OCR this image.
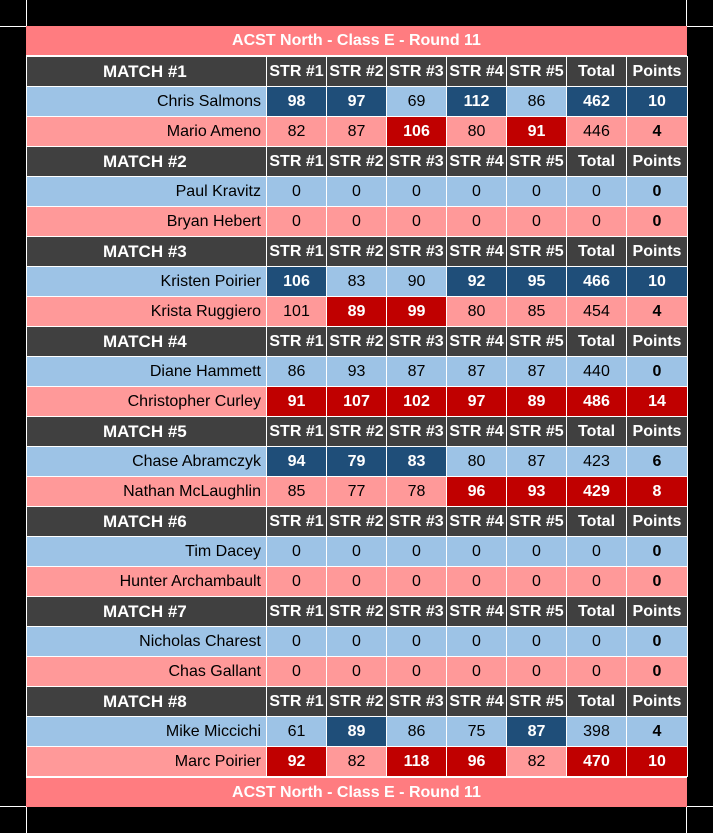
ACST North - Class E - Round 11
MATCH #1	STR #1	STR #2	STR #3	STR #4	STR #5	Total	Points
Chris Salmons	98	97	69	112	86	462	10
Mario Ameno	82	87	106	80	91	446	4
MATCH #2	STR #1	STR #2	STR #3	STR #4	STR #5	Total	Points
Paul Kravitz	0	0	0	0	0	0	0
Bryan Hebert	0	0	0	0	0	0	0
MATCH #3	STR #1	STR #2	STR #3	STR #4	STR #5	Total	Points
Kristen Poirier	106	83	90	92	95	466	10
Krista Ruggiero	101	89	99	80	85	454	4
MATCH #4	STR #1	STR #2	STR #3	STR #4	STR #5	Total	Points
Diane Hammett	86	93	87	87	87	440	0
Christopher Curley	91	107	102	97	89	486	14
MATCH #5	STR #1	STR #2	STR #3	STR #4	STR #5	Total	Points
Chase Abramczyk	94	79	83	80	87	423	6
Nathan McLaughlin	85	77	78	96	93	429	8
MATCH #6	STR #1	STR #2	STR #3	STR #4	STR #5	Total	Points
Tim Dacey	0	0	0	0	0	0	0
Hunter Archambault	0	0	0	0	0	0	0
MATCH #7	STR #1	STR #2	STR #3	STR #4	STR #5	Total	Points
Nicholas Charest	0	0	0	0	0	0	0
Chas Gallant	0	0	0	0	0	0	0
MATCH #8	STR #1	STR #2	STR #3	STR #4	STR #5	Total	Points
Mike Miccichi	61	89	86	75	87	398	4
Marc Poirier	92	82	118	96	82	470	10
ACST North - Class E - Round 11
